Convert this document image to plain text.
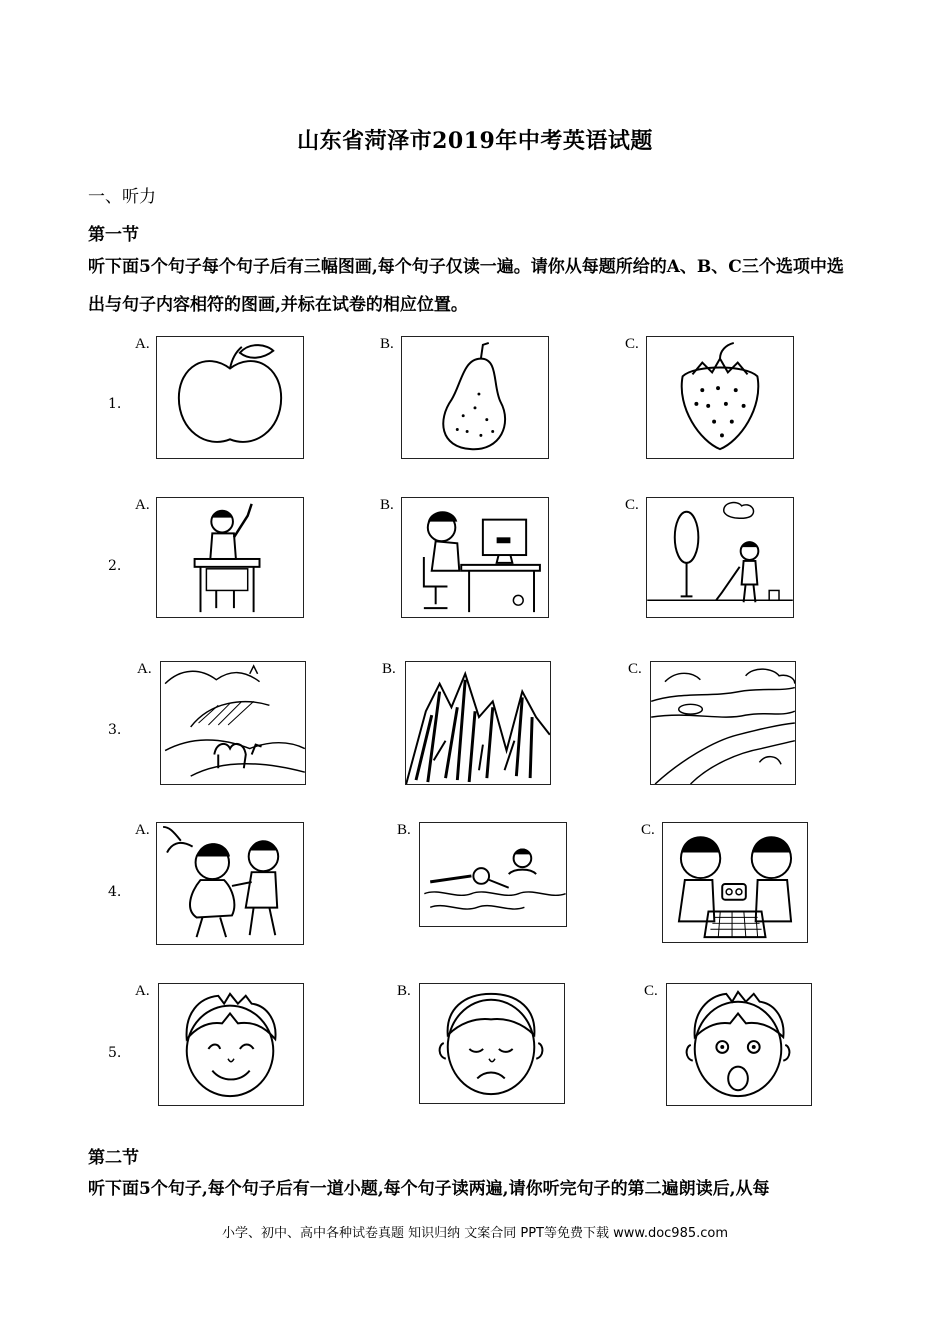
山东省菏泽市2019年中考英语试题
一、听力
第一节
听下面5个句子每个句子后有三幅图画,每个句子仅读一遍。请你从每题所给的A、B、C三个选项中选出与句子内容相符的图画,并标在试卷的相应位置。
1.
A.	B.	C.
2.
A.	B.	C.
3.
A.	B.	C.
4.
A.	B.	C.
5.
A.	B.	C.
第二节
听下面5个句子,每个句子后有一道小题,每个句子读两遍,请你听完句子的第二遍朗读后,从每
小学、初中、高中各种试卷真题 知识归纳 文案合同 PPT等免费下载 www.doc985.com
